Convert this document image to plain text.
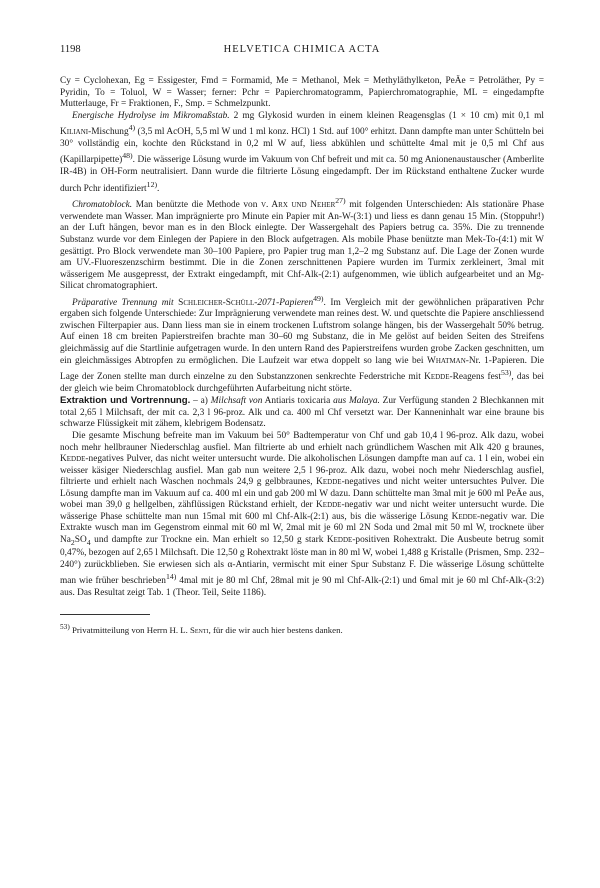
1198	HELVETICA CHIMICA ACTA

Cy = Cyclohexan, Eg = Essigester, Fmd = Formamid, Me = Methanol, Mek = Methyläthylketon, PeÄe = Petroläther, Py = Pyridin, To = Toluol, W = Wasser; ferner: Pchr = Papierchromatogramm, Papierchromatographie, ML = eingedampfte Mutterlauge, Fr = Fraktionen, F., Smp. = Schmelzpunkt.

Energische Hydrolyse im Mikromaßstab. 2 mg Glykosid wurden in einem kleinen Reagensglas (1 × 10 cm) mit 0,1 ml Kiliani-Mischung$^{4)}$ (3,5 ml AcOH, 5,5 ml W und 1 ml konz. HCl) 1 Std. auf 100° erhitzt. Dann dampfte man unter Schütteln bei 30° vollständig ein, kochte den Rückstand in 0,2 ml W auf, liess abkühlen und schüttelte 4mal mit je 0,5 ml Chf aus (Kapillarpipette)$^{48)}$. Die wässerige Lösung wurde im Vakuum von Chf befreit und mit ca. 50 mg Anionenaustauscher (Amberlite IR-4B) in OH-Form neutralisiert. Dann wurde die filtrierte Lösung eingedampft. Der im Rückstand enthaltene Zucker wurde durch Pchr identifiziert$^{12)}$.

Chromatoblock. Man benützte die Methode von v. Arx und Neher$^{27)}$ mit folgenden Unterschieden: Als stationäre Phase verwendete man Wasser. Man imprägnierte pro Minute ein Papier mit An-W-(3:1) und liess es dann genau 15 Min. (Stoppuhr!) an der Luft hängen, bevor man es in den Block einlegte. Der Wassergehalt des Papiers betrug ca. 35%. Die zu trennende Substanz wurde vor dem Einlegen der Papiere in den Block aufgetragen. Als mobile Phase benützte man Mek-To-(4:1) mit W gesättigt. Pro Block verwendete man 30–100 Papiere, pro Papier trug man 1,2–2 mg Substanz auf. Die Lage der Zonen wurde am UV.-Fluoreszenzschirm bestimmt. Die in die Zonen zerschnittenen Papiere wurden im Turmix zerkleinert, 3mal mit wässerigem Me ausgepresst, der Extrakt eingedampft, mit Chf-Alk-(2:1) aufgenommen, wie üblich aufgearbeitet und an Mg-Silicat chromatographiert.

Präparative Trennung mit Schleicher-Schüll-2071-Papieren$^{49)}$. Im Vergleich mit der gewöhnlichen präparativen Pchr ergaben sich folgende Unterschiede: Zur Imprägnierung verwendete man reines dest. W. und quetschte die Papiere anschliessend zwischen Filterpapier aus. Dann liess man sie in einem trockenen Luftstrom solange hängen, bis der Wassergehalt 50% betrug. Auf einen 18 cm breiten Papierstreifen brachte man 30–60 mg Substanz, die in Me gelöst auf beiden Seiten des Streifens gleichmässig auf die Startlinie aufgetragen wurde. In den untern Rand des Papierstreifens wurden grobe Zacken geschnitten, um ein gleichmässiges Abtropfen zu ermöglichen. Die Laufzeit war etwa doppelt so lang wie bei Whatman-Nr. 1-Papieren. Die Lage der Zonen stellte man durch einzelne zu den Substanzzonen senkrechte Federstriche mit Kedde-Reagens fest$^{53)}$, das bei der gleich wie beim Chromatoblock durchgeführten Aufarbeitung nicht störte.

Extraktion und Vortrennung. – a) Milchsaft von Antiaris toxicaria aus Malaya. Zur Verfügung standen 2 Blechkannen mit total 2,65 l Milchsaft, der mit ca. 2,3 l 96-proz. Alk und ca. 400 ml Chf versetzt war. Der Kanneninhalt war eine braune bis schwarze Flüssigkeit mit zähem, klebrigem Bodensatz.

Die gesamte Mischung befreite man im Vakuum bei 50° Badtemperatur von Chf und gab 10,4 l 96-proz. Alk dazu, wobei noch mehr hellbrauner Niederschlag ausfiel. Man filtrierte ab und erhielt nach gründlichem Waschen mit Alk 420 g braunes, Kedde-negatives Pulver, das nicht weiter untersucht wurde. Die alkoholischen Lösungen dampfte man auf ca. 1 l ein, wobei ein weisser käsiger Niederschlag ausfiel. Man gab nun weitere 2,5 l 96-proz. Alk dazu, wobei noch mehr Niederschlag ausfiel, filtrierte und erhielt nach Waschen nochmals 24,9 g gelbbraunes, Kedde-negatives und nicht weiter untersuchtes Pulver. Die Lösung dampfte man im Vakuum auf ca. 400 ml ein und gab 200 ml W dazu. Dann schüttelte man 3mal mit je 600 ml PeÄe aus, wobei man 39,0 g hellgelben, zähflüssigen Rückstand erhielt, der Kedde-negativ war und nicht weiter untersucht wurde. Die wässerige Phase schüttelte man nun 15mal mit 600 ml Chf-Alk-(2:1) aus, bis die wässerige Lösung Kedde-negativ war. Die Extrakte wusch man im Gegenstrom einmal mit 60 ml W, 2mal mit je 60 ml 2N Soda und 2mal mit 50 ml W, trocknete über $Na_2SO_4$ und dampfte zur Trockne ein. Man erhielt so 12,50 g stark Kedde-positiven Rohextrakt. Die Ausbeute betrug somit 0,47%, bezogen auf 2,65 l Milchsaft. Die 12,50 g Rohextrakt löste man in 80 ml W, wobei 1,488 g Kristalle (Prismen, Smp. 232–240°) zurückblieben. Sie erwiesen sich als α-Antiarin, vermischt mit einer Spur Substanz F. Die wässerige Lösung schüttelte man wie früher beschrieben$^{14)}$ 4mal mit je 80 ml Chf, 28mal mit je 90 ml Chf-Alk-(2:1) und 6mal mit je 60 ml Chf-Alk-(3:2) aus. Das Resultat zeigt Tab. 1 (Theor. Teil, Seite 1186).

$^{53)}$ Privatmitteilung von Herrn H. L. Senti, für die wir auch hier bestens danken.
